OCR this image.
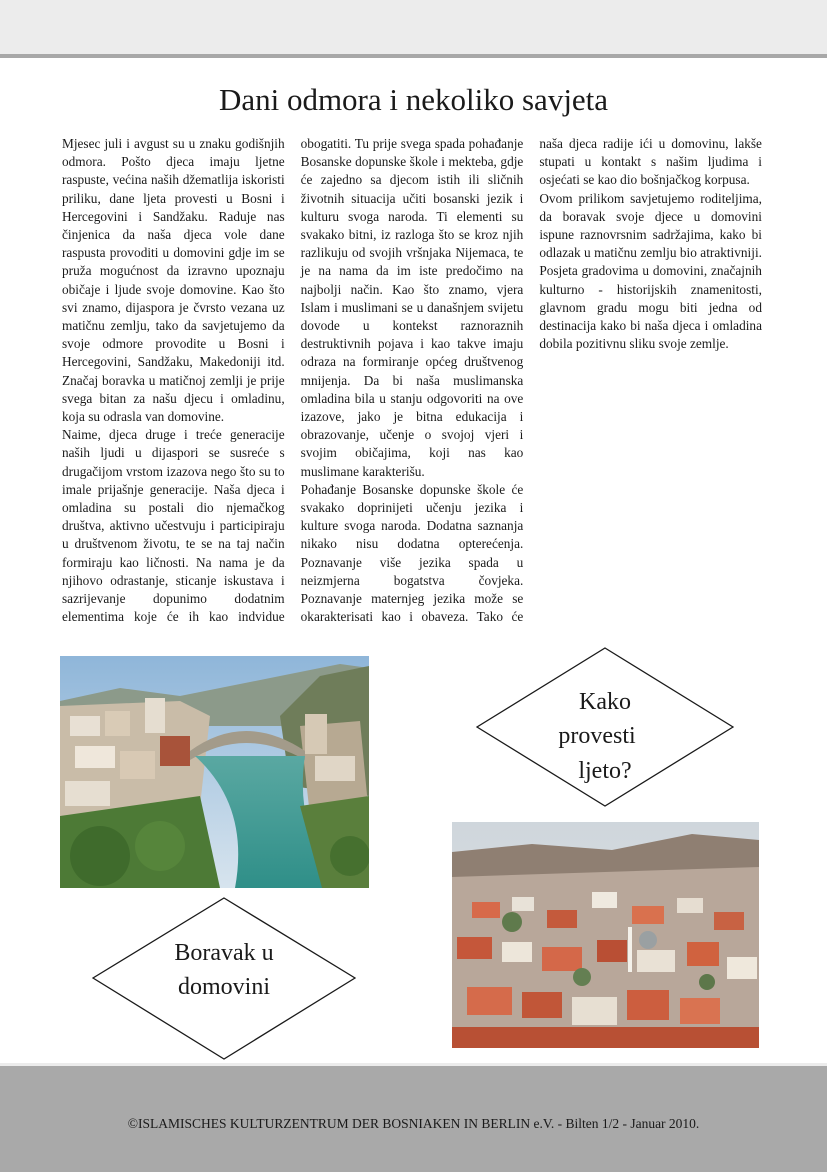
Dani odmora i nekoliko savjeta

Mjesec juli i avgust su u znaku godišnjih odmora. Pošto djeca imaju ljetne raspuste, većina naših džematlija iskoristi priliku, dane ljeta provesti u Bosni i Hercegovini i Sandžaku. Raduje nas činjenica da naša djeca vole dane raspusta provoditi u domovini gdje im se pruža mogućnost da izravno upoznaju običaje i ljude svoje domovine. Kao što svi znamo, dijaspora je čvrsto vezana uz matičnu zemlju, tako da savjetujemo da svoje odmore provodite u Bosni i Hercegovini, Sandžaku, Makedoniji itd. Značaj boravka u matičnoj zemlji je prije svega bitan za našu djecu i omladinu, koja su odrasla van domovine.

Naime, djeca druge i treće generacije naših ljudi u dijaspori se susreće s drugačijom vrstom izazova nego što su to imale prijašnje generacije. Naša djeca i omladina su postali dio njemačkog društva, aktivno učestvuju i participiraju u društvenom životu, te se na taj način formiraju kao ličnosti. Na nama je da njihovo odrastanje, sticanje iskustava i sazrijevanje dopunimo dodatnim elementima koje će ih kao indvidue obogatiti. Tu prije svega spada pohađanje Bosanske dopunske škole i mekteba, gdje će zajedno sa djecom istih ili sličnih životnih situacija učiti bosanski jezik i kulturu svoga naroda. Ti elementi su svakako bitni, iz razloga što se kroz njih razlikuju od svojih vršnjaka Nijemaca, te je na nama da im iste predočimo na najbolji način. Kao što znamo, vjera Islam i muslimani se u današnjem svijetu dovode u kontekst raznoraznih destruktivnih pojava i kao takve imaju odraza na formiranje općeg društvenog mnijenja. Da bi naša muslimanska omladina bila u stanju odgovoriti na ove izazove, jako je bitna edukacija i obrazovanje, učenje o svojoj vjeri i svojim običajima, koji nas kao muslimane karakterišu.

Pohađanje Bosanske dopunske škole će svakako doprinijeti učenju jezika i kulture svoga naroda. Dodatna saznanja nikako nisu dodatna opterećenja. Poznavanje više jezika spada u neizmjerna bogatstva čovjeka. Poznavanje maternjeg jezika može se okarakterisati kao i obaveza. Tako će naša djeca radije ići u domovinu, lakše stupati u kontakt s našim ljudima i osjećati se kao dio bošnjačkog korpusa.

Ovom prilikom savjetujemo roditeljima, da boravak svoje djece u domovini ispune raznovrsnim sadržajima, kako bi odlazak u matičnu zemlju bio atraktivniji. Posjeta gradovima u domovini, značajnih kulturno - historijskih znamenitosti, glavnom gradu mogu biti jedna od destinacija kako bi naša djeca i omladina dobila pozitivnu sliku svoje zemlje.

Kako
provesti
ljeto?
Boravak u
domovini
©ISLAMISCHES KULTURZENTRUM DER BOSNIAKEN IN BERLIN e.V. - Bilten 1/2 - Januar 2010.
